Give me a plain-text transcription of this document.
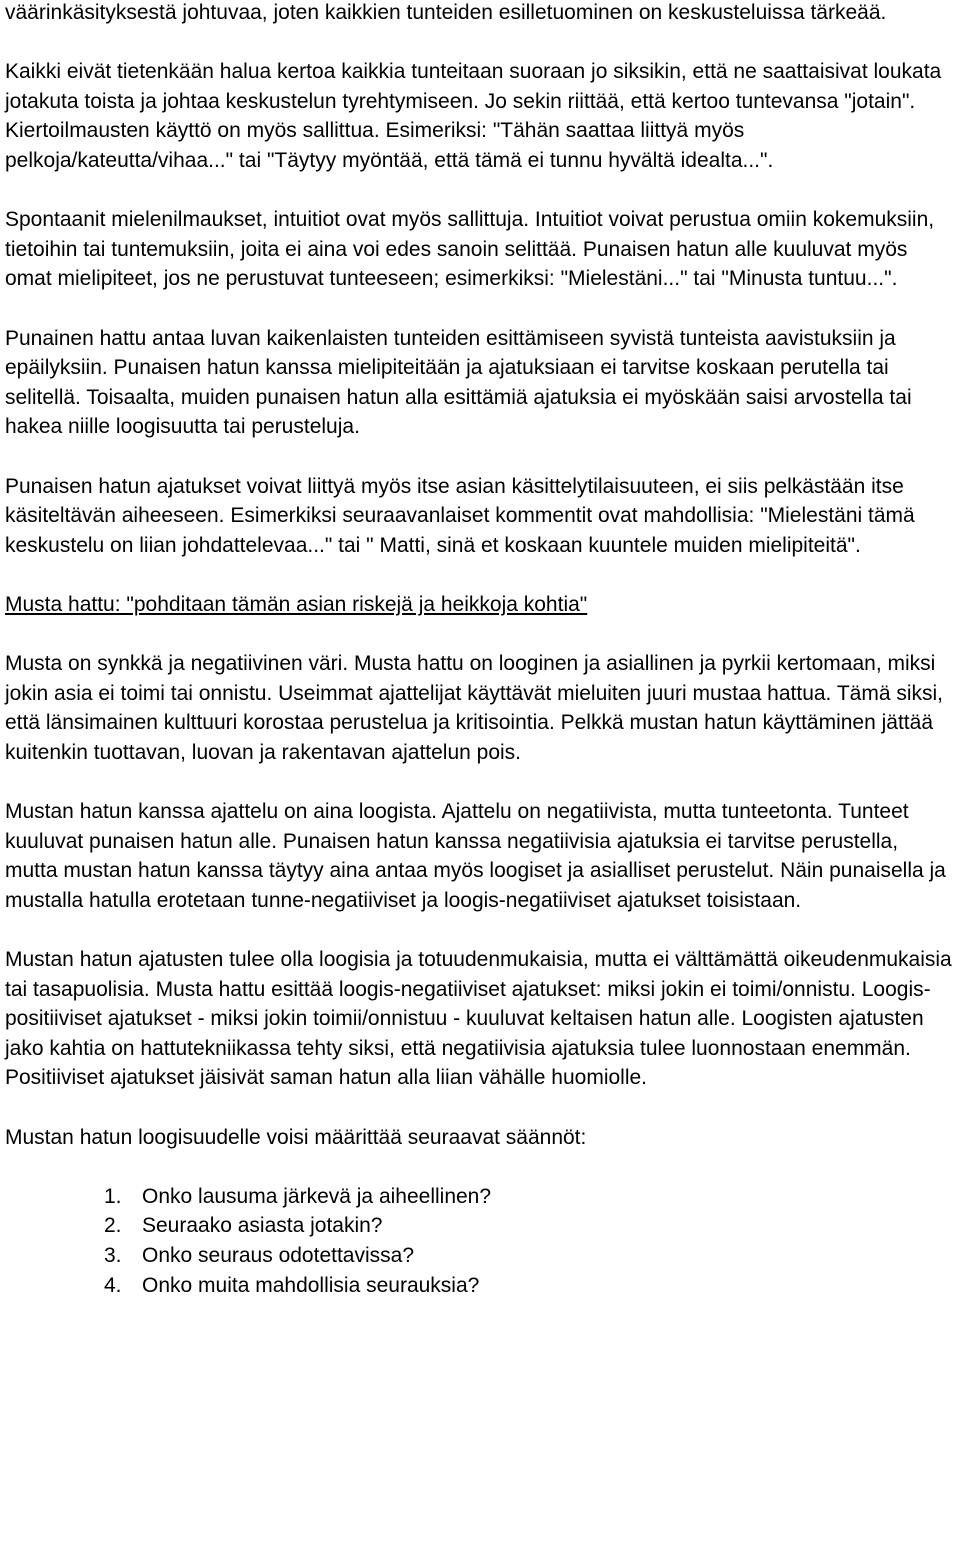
väärinkäsityksestä johtuvaa, joten kaikkien tunteiden esilletuominen on keskusteluissa tärkeää.

Kaikki eivät tietenkään halua kertoa kaikkia tunteitaan suoraan jo siksikin, että ne saattaisivat loukata jotakuta toista ja johtaa keskustelun tyrehtymiseen. Jo sekin riittää, että kertoo tuntevansa "jotain". Kiertoilmausten käyttö on myös sallittua. Esimeriksi: "Tähän saattaa liittyä myös pelkoja/kateutta/vihaa..." tai "Täytyy myöntää, että tämä ei tunnu hyvältä idealta...".

Spontaanit mielenilmaukset, intuitiot ovat myös sallittuja. Intuitiot voivat perustua omiin kokemuksiin, tietoihin tai tuntemuksiin, joita ei aina voi edes sanoin selittää. Punaisen hatun alle kuuluvat myös omat mielipiteet, jos ne perustuvat tunteeseen; esimerkiksi: "Mielestäni..." tai "Minusta tuntuu...".

Punainen hattu antaa luvan kaikenlaisten tunteiden esittämiseen syvistä tunteista aavistuksiin ja epäilyksiin. Punaisen hatun kanssa mielipiteitään ja ajatuksiaan ei tarvitse koskaan perutella tai selitellä. Toisaalta, muiden punaisen hatun alla esittämiä ajatuksia ei myöskään saisi arvostella tai hakea niille loogisuutta tai perusteluja.

Punaisen hatun ajatukset voivat liittyä myös itse asian käsittelytilaisuuteen, ei siis pelkästään itse käsiteltävän aiheeseen. Esimerkiksi seuraavanlaiset kommentit ovat mahdollisia: "Mielestäni tämä keskustelu on liian johdattelevaa..." tai " Matti, sinä et koskaan kuuntele muiden mielipiteitä".

Musta hattu: "pohditaan tämän asian riskejä ja heikkoja kohtia"

Musta on synkkä ja negatiivinen väri. Musta hattu on looginen ja asiallinen ja pyrkii kertomaan, miksi jokin asia ei toimi tai onnistu. Useimmat ajattelijat käyttävät mieluiten juuri mustaa hattua. Tämä siksi, että länsimainen kulttuuri korostaa perustelua ja kritisointia. Pelkkä mustan hatun käyttäminen jättää kuitenkin tuottavan, luovan ja rakentavan ajattelun pois.

Mustan hatun kanssa ajattelu on aina loogista. Ajattelu on negatiivista, mutta tunteetonta. Tunteet kuuluvat punaisen hatun alle. Punaisen hatun kanssa negatiivisia ajatuksia ei tarvitse perustella, mutta mustan hatun kanssa täytyy aina antaa myös loogiset ja asialliset perustelut. Näin punaisella ja mustalla hatulla erotetaan tunne-negatiiviset ja loogis-negatiiviset ajatukset toisistaan.

Mustan hatun ajatusten tulee olla loogisia ja totuudenmukaisia, mutta ei välttämättä oikeudenmukaisia tai tasapuolisia. Musta hattu esittää loogis-negatiiviset ajatukset: miksi jokin ei toimi/onnistu. Loogis-positiiviset ajatukset - miksi jokin toimii/onnistuu - kuuluvat keltaisen hatun alle. Loogisten ajatusten jako kahtia on hattutekniikassa tehty siksi, että negatiivisia ajatuksia tulee luonnostaan enemmän. Positiiviset ajatukset jäisivät saman hatun alla liian vähälle huomiolle.

Mustan hatun loogisuudelle voisi määrittää seuraavat säännöt:

1. Onko lausuma järkevä ja aiheellinen?
2. Seuraako asiasta jotakin?
3. Onko seuraus odotettavissa?
4. Onko muita mahdollisia seurauksia?
